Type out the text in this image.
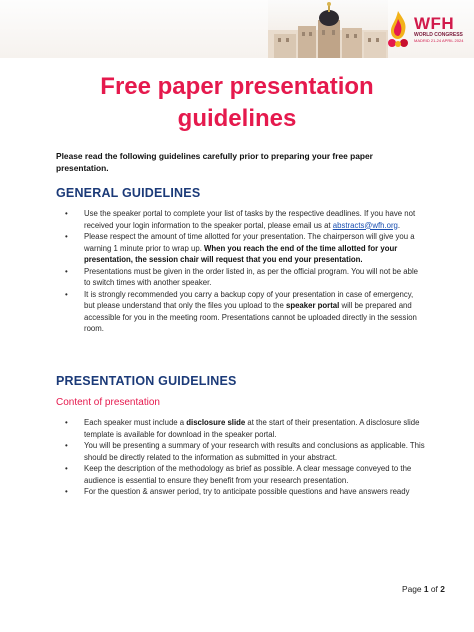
WFH
WORLD CONGRESS
MADRID 21-24 APRIL 2024
Free paper presentation
guidelines
Please read the following guidelines carefully prior to preparing your free paper presentation.
GENERAL GUIDELINES
• Use the speaker portal to complete your list of tasks by the respective deadlines. If you have not received your login information to the speaker portal, please email us at abstracts@wfh.org.
• Please respect the amount of time allotted for your presentation. The chairperson will give you a warning 1 minute prior to wrap up. When you reach the end of the time allotted for your presentation, the session chair will request that you end your presentation.
• Presentations must be given in the order listed in, as per the official program. You will not be able to switch times with another speaker.
• It is strongly recommended you carry a backup copy of your presentation in case of emergency, but please understand that only the files you upload to the speaker portal will be prepared and accessible for you in the meeting room. Presentations cannot be uploaded directly in the session room.
PRESENTATION GUIDELINES
Content of presentation
• Each speaker must include a disclosure slide at the start of their presentation. A disclosure slide template is available for download in the speaker portal.
• You will be presenting a summary of your research with results and conclusions as applicable. This should be directly related to the information as submitted in your abstract.
• Keep the description of the methodology as brief as possible. A clear message conveyed to the audience is essential to ensure they benefit from your research presentation.
• For the question & answer period, try to anticipate possible questions and have answers ready
Page 1 of 2
